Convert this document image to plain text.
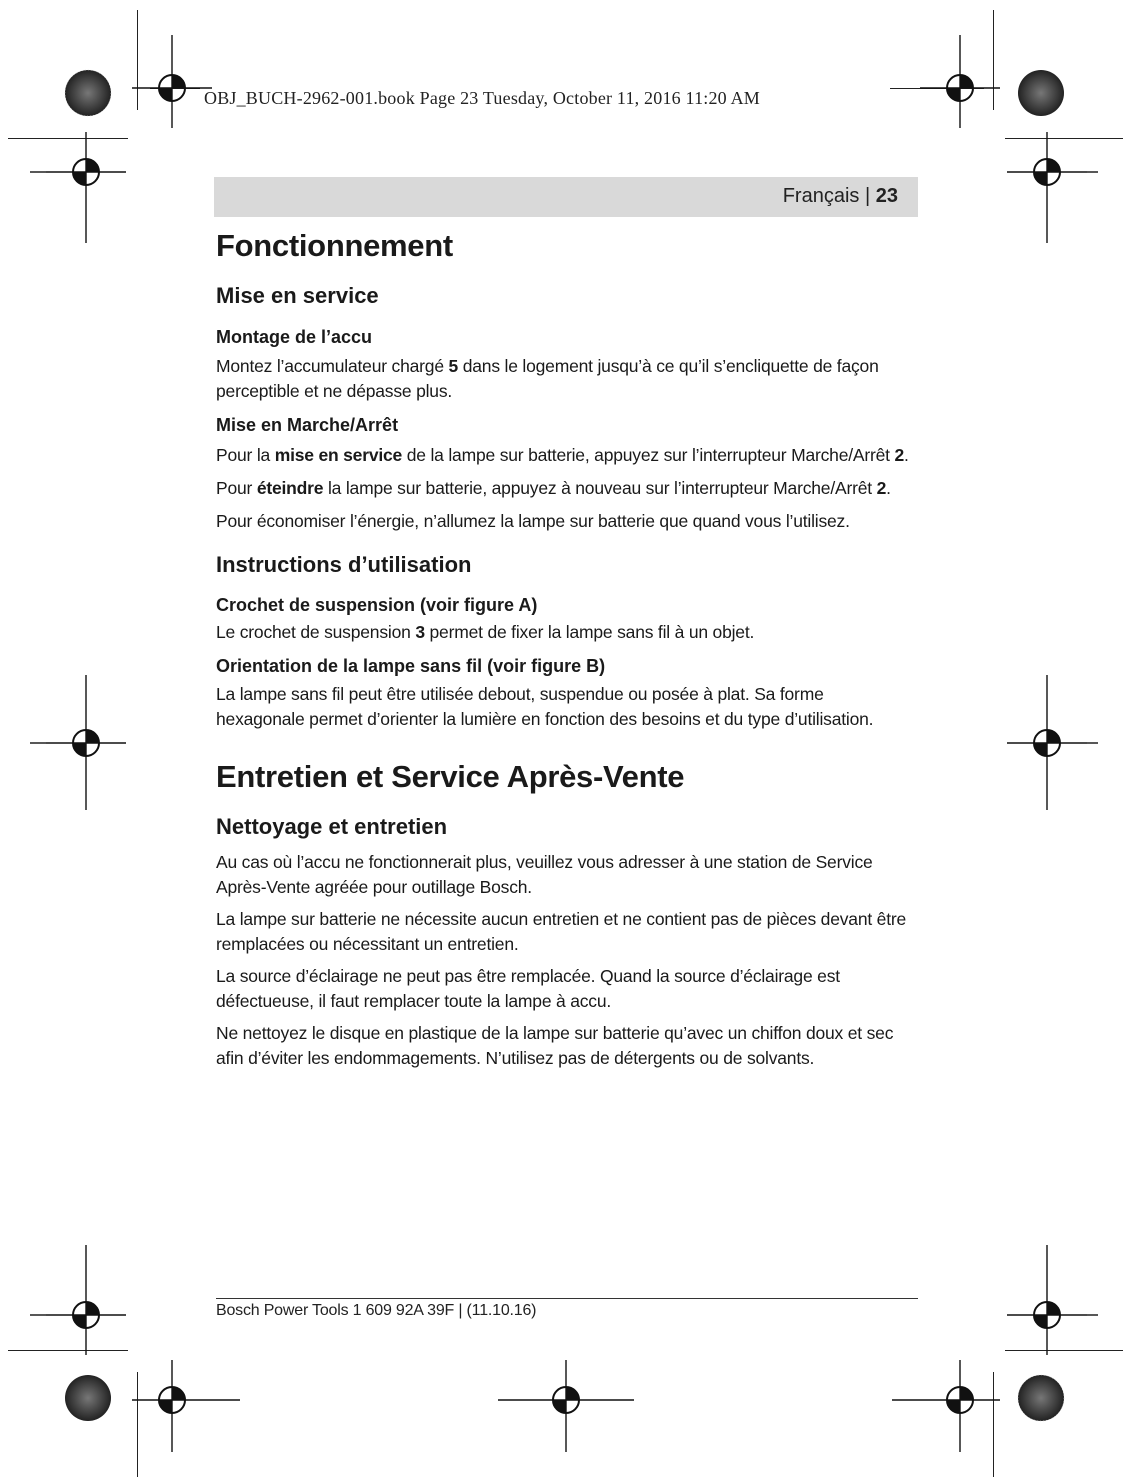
OBJ_BUCH-2962-001.book Page 23 Tuesday, October 11, 2016 11:20 AM
Français | 23
Fonctionnement
Mise en service
Montage de l’accu

Montez l’accumulateur chargé 5 dans le logement jusqu’à ce qu’il s’encliquette de façon perceptible et ne dépasse plus.

Mise en Marche/Arrêt

Pour la mise en service de la lampe sur batterie, appuyez sur l’interrupteur Marche/Arrêt 2.

Pour éteindre la lampe sur batterie, appuyez à nouveau sur l’interrupteur Marche/Arrêt 2.

Pour économiser l’énergie, n’allumez la lampe sur batterie que quand vous l’utilisez.

Instructions d’utilisation
Crochet de suspension (voir figure A)

Le crochet de suspension 3 permet de fixer la lampe sans fil à un objet.

Orientation de la lampe sans fil (voir figure B)

La lampe sans fil peut être utilisée debout, suspendue ou posée à plat. Sa forme hexagonale permet d’orienter la lumière en fonction des besoins et du type d’utilisation.

Entretien et Service Après-Vente
Nettoyage et entretien

Au cas où l’accu ne fonctionnerait plus, veuillez vous adresser à une station de Service Après-Vente agréée pour outillage Bosch.

La lampe sur batterie ne nécessite aucun entretien et ne contient pas de pièces devant être remplacées ou nécessitant un entretien.

La source d’éclairage ne peut pas être remplacée. Quand la source d’éclairage est défectueuse, il faut remplacer toute la lampe à accu.

Ne nettoyez le disque en plastique de la lampe sur batterie qu’avec un chiffon doux et sec afin d’éviter les endommagements. N’utilisez pas de détergents ou de solvants.

Bosch Power Tools 1 609 92A 39F | (11.10.16)
